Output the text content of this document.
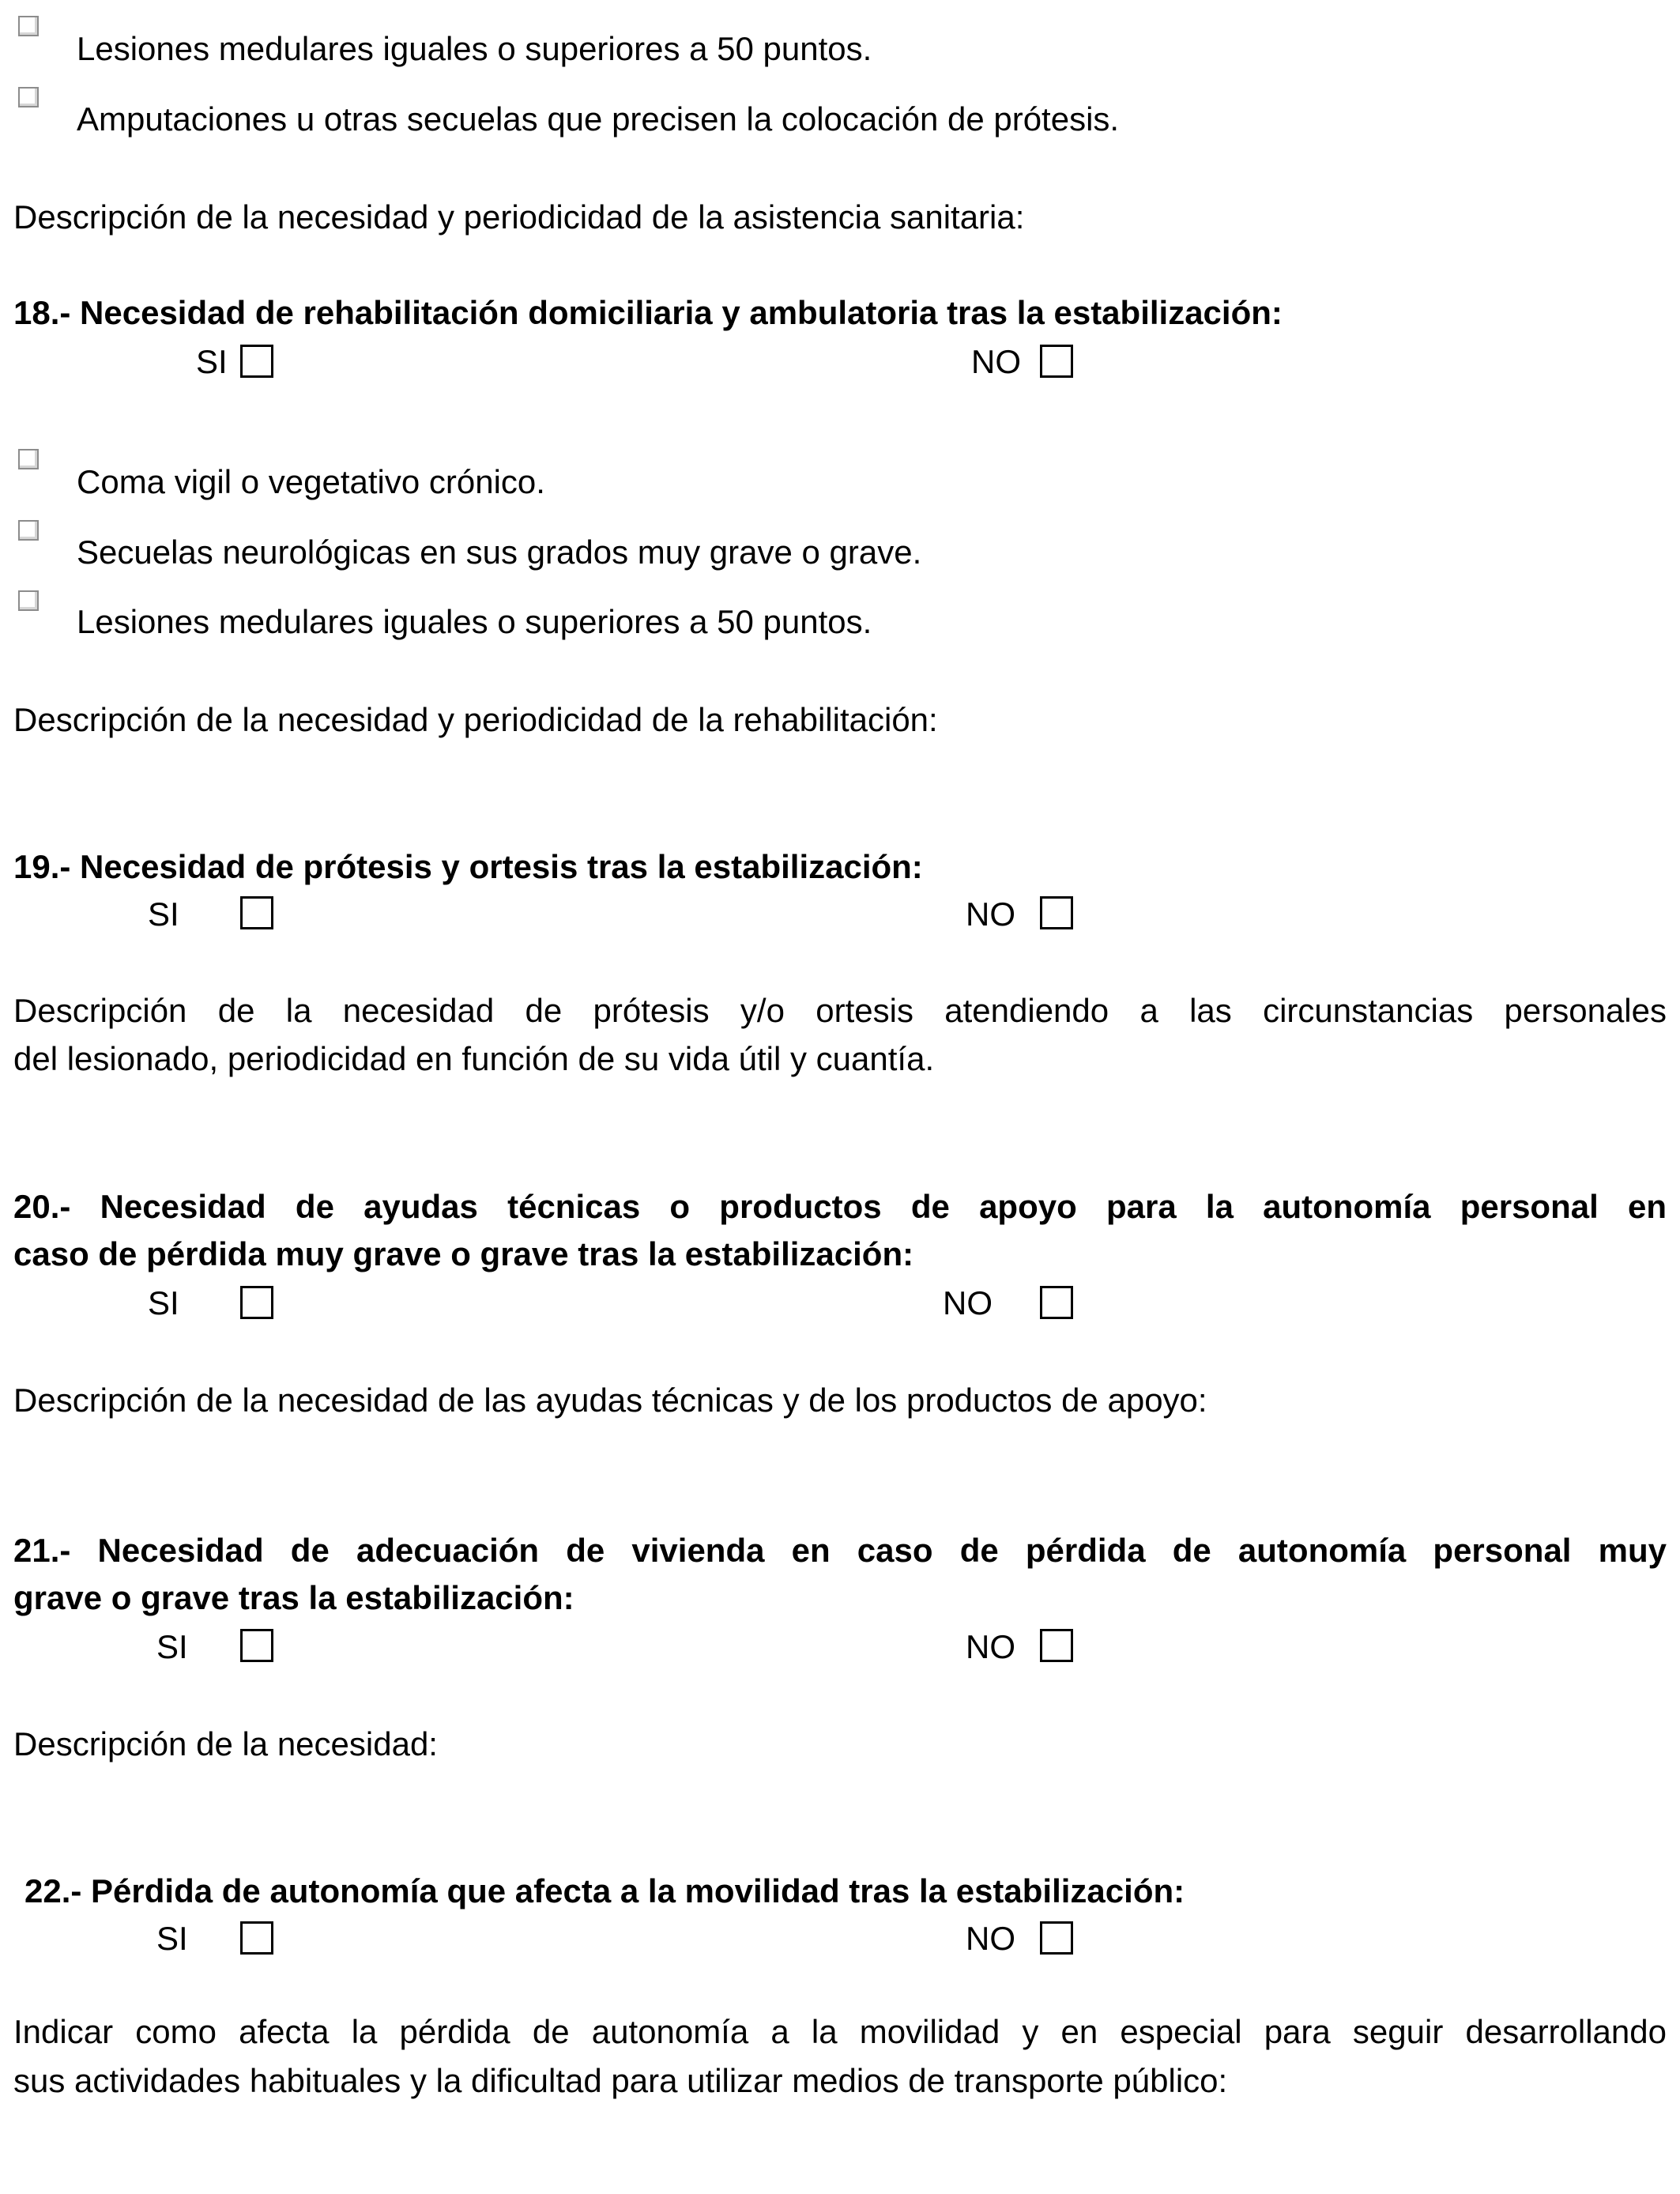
Lesiones medulares iguales o superiores a 50 puntos.
Amputaciones u otras secuelas que precisen la colocación de prótesis.
Descripción de la necesidad y periodicidad de la asistencia sanitaria:
18.- Necesidad de rehabilitación domiciliaria y ambulatoria tras la estabilización:
SI	NO
Coma vigil o vegetativo crónico.
Secuelas neurológicas en sus grados muy grave o grave.
Lesiones medulares iguales o superiores a 50 puntos.
Descripción de la necesidad y periodicidad de la rehabilitación:
19.- Necesidad de prótesis y ortesis tras la estabilización:
SI	NO
Descripción de la necesidad de prótesis y/o ortesis atendiendo a las circunstancias personales
del lesionado, periodicidad en función de su vida útil y cuantía.
20.- Necesidad de ayudas técnicas o productos de apoyo para la autonomía personal en
caso de pérdida muy grave o grave tras la estabilización:
SI	NO
Descripción de la necesidad de las ayudas técnicas y de los productos de apoyo:
21.- Necesidad de adecuación de vivienda en caso de pérdida de autonomía personal muy
grave o grave tras la estabilización:
SI	NO
Descripción de la necesidad:
22.- Pérdida de autonomía que afecta a la movilidad tras la estabilización:
SI	NO
Indicar como afecta la pérdida de autonomía a la movilidad y en especial para seguir desarrollando
sus actividades habituales y la dificultad para utilizar medios de transporte público:
